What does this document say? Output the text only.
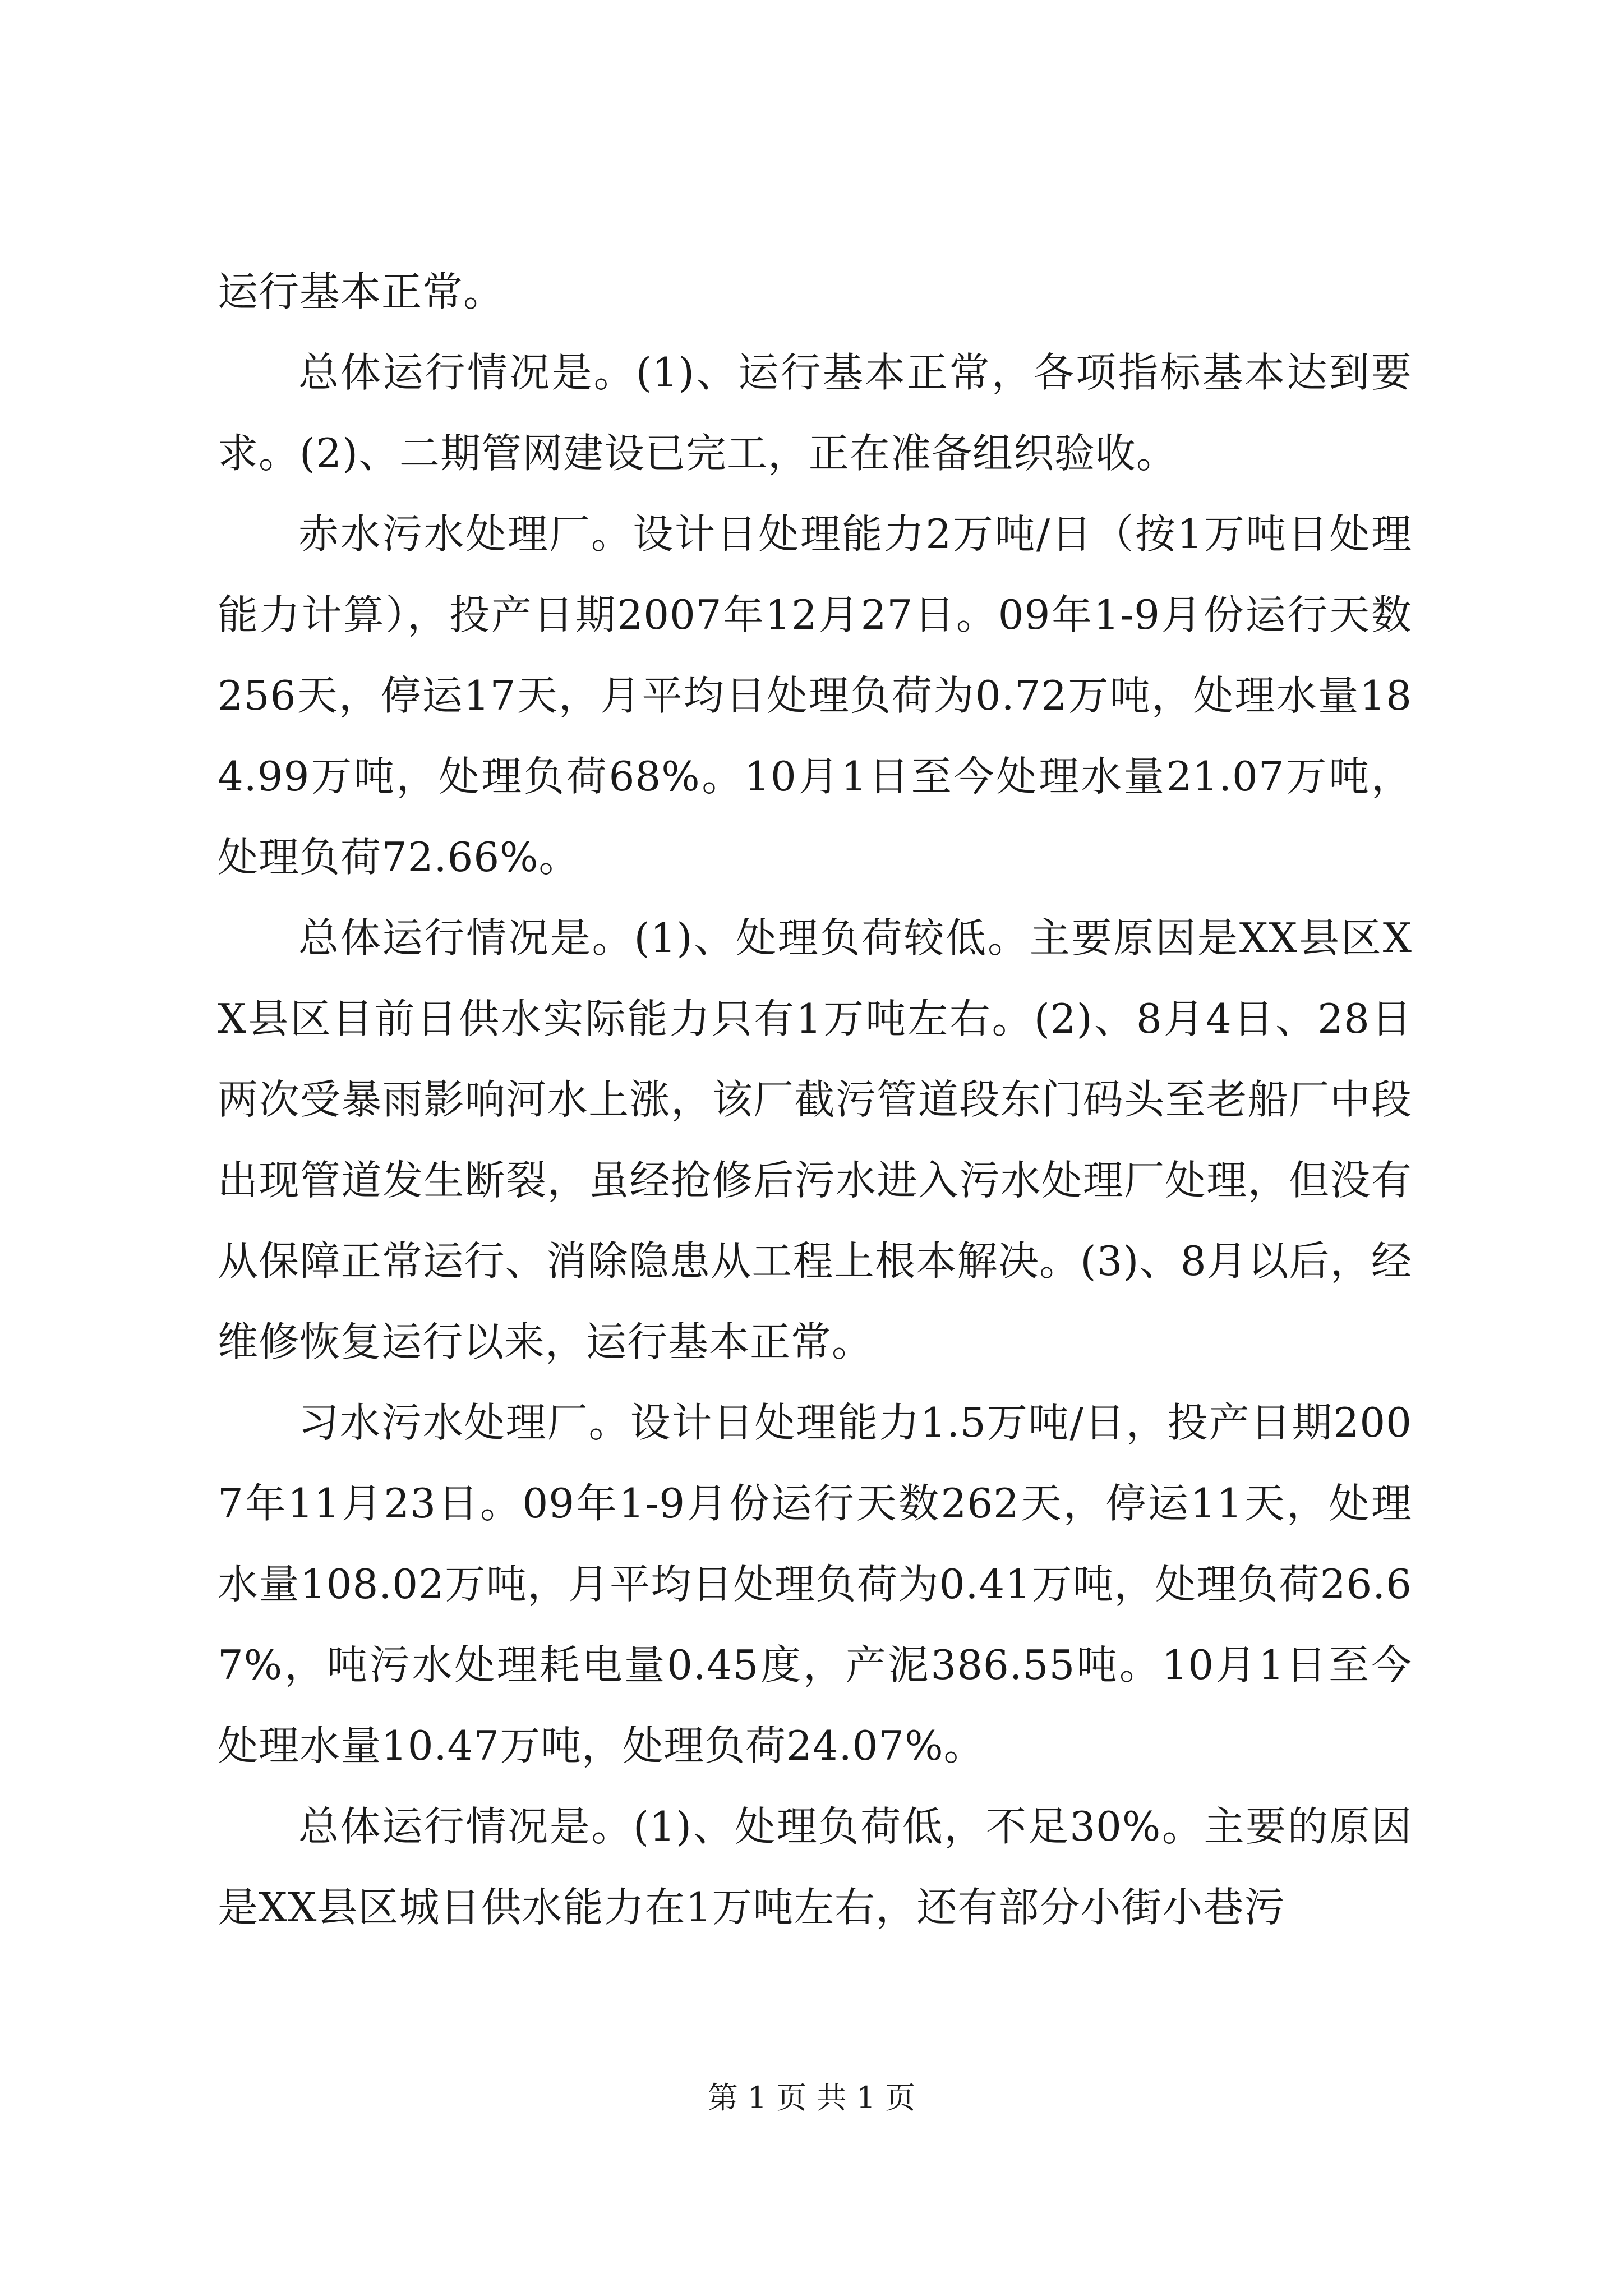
运行基本正常。

总体运行情况是。(1)、运行基本正常，各项指标基本达到要求。(2)、二期管网建设已完工，正在准备组织验收。

赤水污水处理厂。设计日处理能力2万吨/日（按1万吨日处理能力计算），投产日期2007年12月27日。09年1-9月份运行天数256天，停运17天，月平均日处理负荷为0.72万吨，处理水量184.99万吨，处理负荷68%。10月1日至今处理水量21.07万吨，处理负荷72.66%。

总体运行情况是。(1)、处理负荷较低。主要原因是XX县区XX县区目前日供水实际能力只有1万吨左右。(2)、8月4日、28日两次受暴雨影响河水上涨，该厂截污管道段东门码头至老船厂中段出现管道发生断裂，虽经抢修后污水进入污水处理厂处理，但没有从保障正常运行、消除隐患从工程上根本解决。(3)、8月以后，经维修恢复运行以来，运行基本正常。

习水污水处理厂。设计日处理能力1.5万吨/日，投产日期2007年11月23日。09年1-9月份运行天数262天，停运11天，处理水量108.02万吨，月平均日处理负荷为0.41万吨，处理负荷26.67%，吨污水处理耗电量0.45度，产泥386.55吨。10月1日至今处理水量10.47万吨，处理负荷24.07%。

总体运行情况是。(1)、处理负荷低，不足30%。主要的原因是XX县区城日供水能力在1万吨左右，还有部分小街小巷污

第 1 页 共 1 页
